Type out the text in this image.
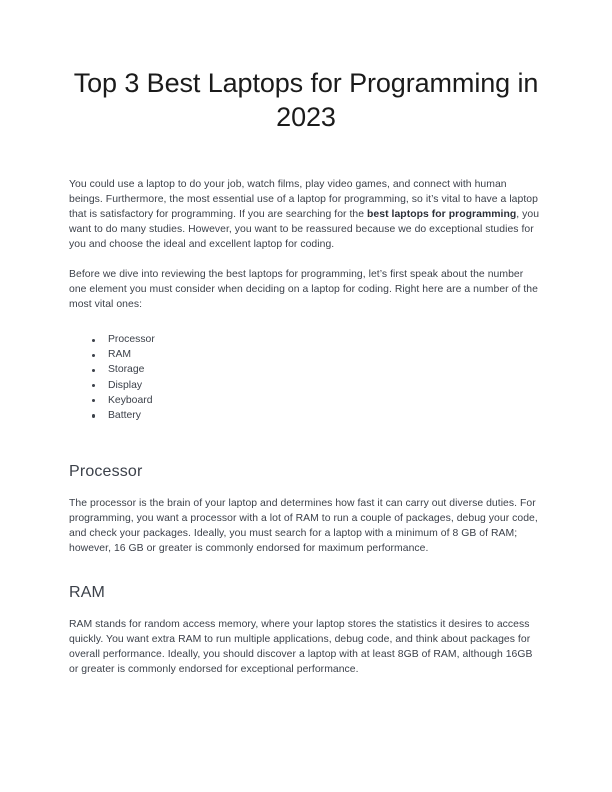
Top 3 Best Laptops for Programming in 2023

You could use a laptop to do your job, watch films, play video games, and connect with human beings. Furthermore, the most essential use of a laptop for programming, so it’s vital to have a laptop that is satisfactory for programming. If you are searching for the best laptops for programming, you want to do many studies. However, you want to be reassured because we do exceptional studies for you and choose the ideal and excellent laptop for coding.

Before we dive into reviewing the best laptops for programming, let’s first speak about the number one element you must consider when deciding on a laptop for coding. Right here are a number of the most vital ones:

Processor
RAM
Storage
Display
Keyboard
Battery
Processor

The processor is the brain of your laptop and determines how fast it can carry out diverse duties. For programming, you want a processor with a lot of RAM to run a couple of packages, debug your code, and check your packages. Ideally, you must search for a laptop with a minimum of 8 GB of RAM; however, 16 GB or greater is commonly endorsed for maximum performance.

RAM

RAM stands for random access memory, where your laptop stores the statistics it desires to access quickly. You want extra RAM to run multiple applications, debug code, and think about packages for overall performance. Ideally, you should discover a laptop with at least 8GB of RAM, although 16GB or greater is commonly endorsed for exceptional performance.
